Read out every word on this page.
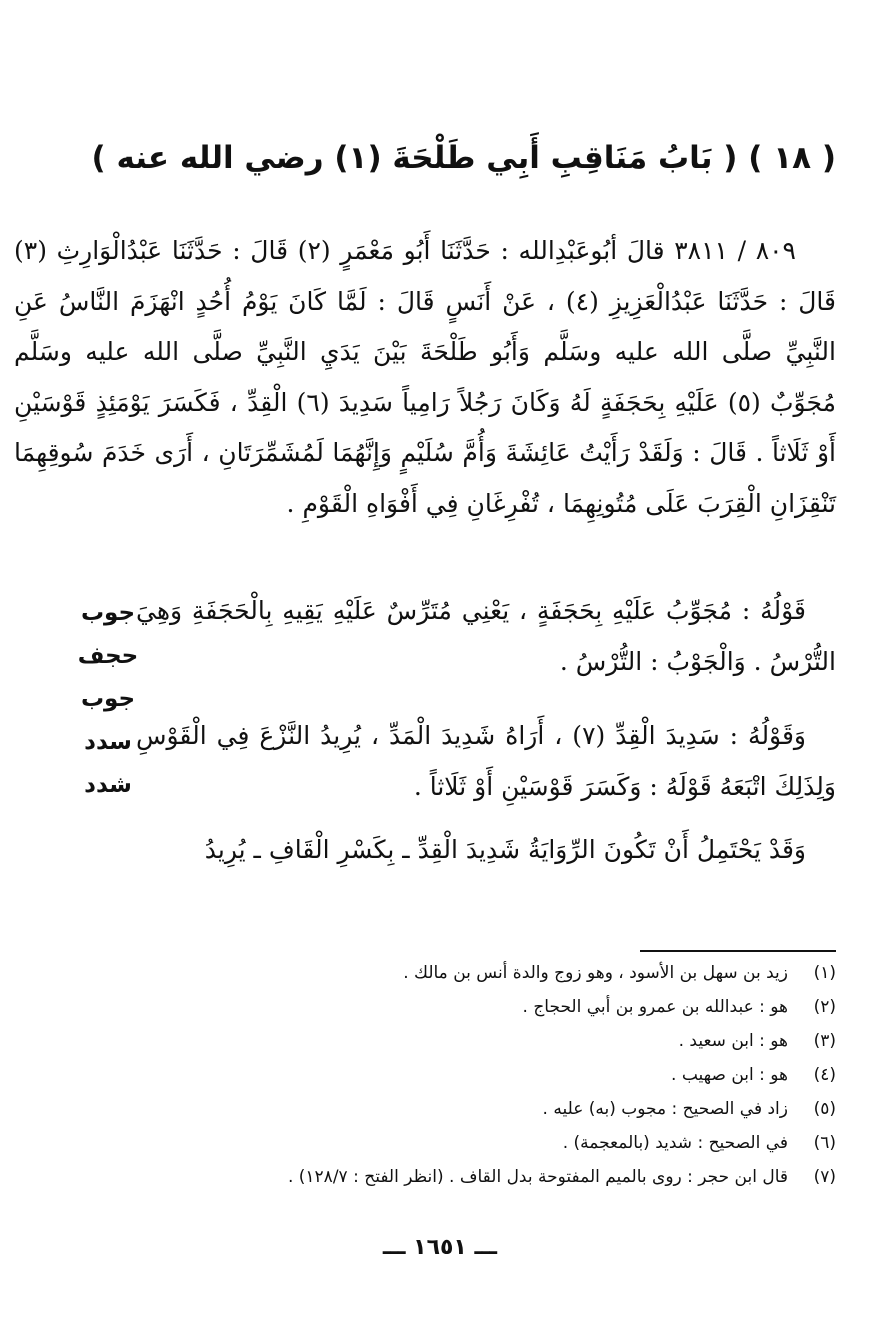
( ١٨ ) ( بَابُ مَنَاقِبِ أَبِي طَلْحَةَ (١) رضي الله عنه )

٨٠٩ / ٣٨١١ قالَ أبُوعَبْدِالله : حَدَّثَنَا أَبُو مَعْمَرٍ (٢) قَالَ : حَدَّثَنَا عَبْدُالْوَارِثِ (٣) قَالَ : حَدَّثَنَا عَبْدُالْعَزِيزِ (٤) ، عَنْ أَنَسٍ قَالَ : لَمَّا كَانَ يَوْمُ أُحُدٍ انْهَزَمَ النَّاسُ عَنِ النَّبِيِّ صلَّى الله عليه وسَلَّم وَأَبُو طَلْحَةَ بَيْنَ يَدَيِ النَّبِيِّ صلَّى الله عليه وسَلَّم مُجَوِّبٌ (٥) عَلَيْهِ بِحَجَفَةٍ لَهُ وَكَانَ رَجُلاً رَامِياً سَدِيدَ (٦) الْقِدِّ ، فَكَسَرَ يَوْمَئِذٍ قَوْسَيْنِ أَوْ ثَلَاثاً . قَالَ : وَلَقَدْ رَأَيْتُ عَائِشَةَ وَأُمَّ سُلَيْمٍ وَإِنَّهُمَا لَمُشَمِّرَتَانِ ، أَرَى خَدَمَ سُوقِهِمَا تَنْقِزَانِ الْقِرَبَ عَلَى مُتُونِهِمَا ، تُفْرِغَانِ فِي أَفْوَاهِ الْقَوْمِ .

جوب
حجف
جوب
سدد
شدد

قَوْلُهُ : مُجَوِّبُ عَلَيْهِ بِحَجَفَةٍ ، يَعْنِي مُتَرِّسٌ عَلَيْهِ يَقِيهِ بِالْحَجَفَةِ وَهِيَ التُّرْسُ . وَالْجَوْبُ : التُّرْسُ .

وَقَوْلُهُ : سَدِيدَ الْقِدِّ (٧) ، أَرَاهُ شَدِيدَ الْمَدِّ ، يُرِيدُ النَّزْعَ فِي الْقَوْسِ وَلِذَلِكَ اتْبَعَهُ قَوْلَهُ : وَكَسَرَ قَوْسَيْنِ أَوْ ثَلَاثاً .

وَقَدْ يَحْتَمِلُ أَنْ تَكُونَ الرِّوَايَةُ شَدِيدَ الْقِدِّ ـ بِكَسْرِ الْقَافِ ـ يُرِيدُ

(١)
زيد بن سهل بن الأسود ، وهو زوج والدة أنس بن مالك .
(٢)
هو : عبدالله بن عمرو بن أبي الحجاج .
(٣)
هو : ابن سعيد .
(٤)
هو : ابن صهيب .
(٥)
زاد في الصحيح : مجوب (به) عليه .
(٦)
في الصحيح : شديد (بالمعجمة) .
(٧)
قال ابن حجر : روى بالميم المفتوحة بدل القاف . (انظر الفتح : ١٢٨/٧) .
ـــ ١٦٥١ ـــ
